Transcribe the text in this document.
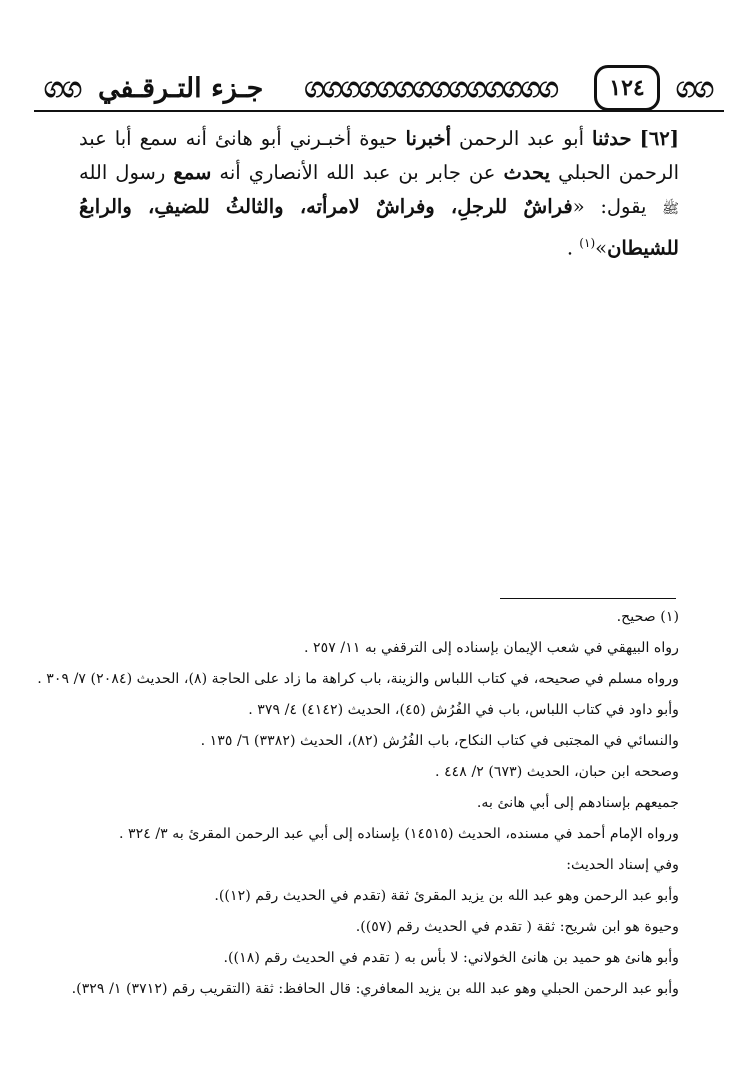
ගග
١٢٤
ගගගගගගගගගගගගගග
جـزء التـرقـفي
ගග

[٦٢] حدثنا أبو عبد الرحمن أخبرنا حيوة أخبـرني أبو هانئ أنه سمع أبا عبد الرحمن الحبلي يحدث عن جابر بن عبد الله الأنصاري أنه سمع رسول الله ﷺ يقول: «فراشٌ للرجلِ، وفراشٌ لامرأته، والثالثُ للضيفِ، والرابعُ للشيطان»$^{(١)}$ .

(١) صحيح.
رواه البيهقي في شعب الإيمان بإسناده إلى الترقفي به ١١/ ٢٥٧ .
ورواه مسلم في صحيحه، في كتاب اللباس والزينة، باب كراهة ما زاد على الحاجة (٨)، الحديث (٢٠٨٤) ٧/ ٣٠٩ .
وأبو داود في كتاب اللباس، باب في الفُرُش (٤٥)، الحديث (٤١٤٢) ٤/ ٣٧٩ .
والنسائي في المجتبى في كتاب النكاح، باب الفُرُش (٨٢)، الحديث (٣٣٨٢) ٦/ ١٣٥ .
وصححه ابن حبان، الحديث (٦٧٣) ٢/ ٤٤٨ .
جميعهم بإسنادهم إلى أبي هانئ به.
ورواه الإمام أحمد في مسنده، الحديث (١٤٥١٥) بإسناده إلى أبي عبد الرحمن المقرئ به ٣/ ٣٢٤ .
وفي إسناد الحديث:
وأبو عبد الرحمن وهو عبد الله بن يزيد المقرئ ثقة (تقدم في الحديث رقم (١٢)).
وحيوة هو ابن شريح: ثقة ( تقدم في الحديث رقم (٥٧)).
وأبو هانئ هو حميد بن هانئ الخولاني: لا بأس به ( تقدم في الحديث رقم (١٨)).
وأبو عبد الرحمن الحبلي وهو عبد الله بن يزيد المعافري: قال الحافظ: ثقة (التقريب رقم (٣٧١٢) ١/ ٣٢٩).
